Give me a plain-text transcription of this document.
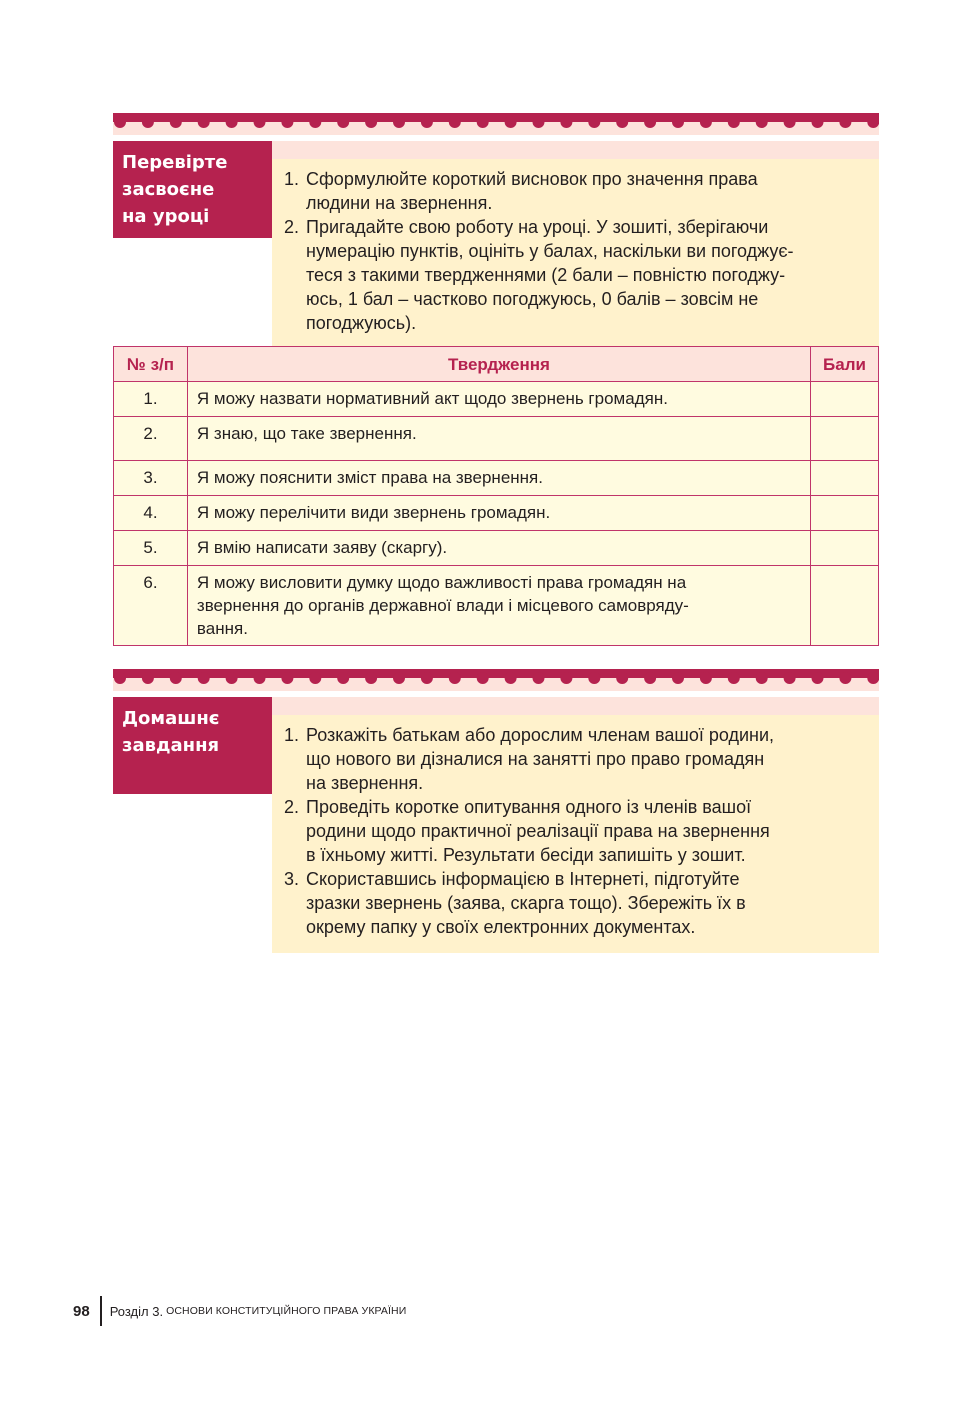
Перевірте
засвоєне
на уроці
1. Сформулюйте короткий висновок про значення права
людини на звернення.
2. Пригадайте свою роботу на уроці. У зошиті, зберігаючи
нумерацію пунктів, оцініть у балах, наскільки ви погоджує-
теся з такими твердженнями (2 бали – повністю погоджу-
юсь, 1 бал – частково погоджуюсь, 0 балів – зовсім не
погоджуюсь).
№ з/п	Твердження	Бали
1.	Я можу назвати нормативний акт щодо звернень громадян.	
2.	Я знаю, що таке звернення.	
3.	Я можу пояснити зміст права на звернення.	
4.	Я можу перелічити види звернень громадян.	
5.	Я вмію написати заяву (скаргу).	
6.	Я можу висловити думку щодо важливості права громадян на
звернення до органів державної влади і місцевого самовряду-
вання.	

Домашнє
завдання	1. Розкажіть батькам або дорослим членам вашої родини,
що нового ви дізналися на занятті про право громадян
на звернення.
2. Проведіть коротке опитування одного із членів вашої
родини щодо практичної реалізації права на звернення
в їхньому житті. Результати бесіди запишіть у зошит.
3. Скориставшись інформацією в Інтернеті, підготуйте
зразки звернень (заява, скарга тощо). Збережіть їх в
окрему папку у своїх електронних документах.
98 Розділ 3. ОСНОВИ КОНСТИТУЦІЙНОГО ПРАВА УКРАЇНИ
